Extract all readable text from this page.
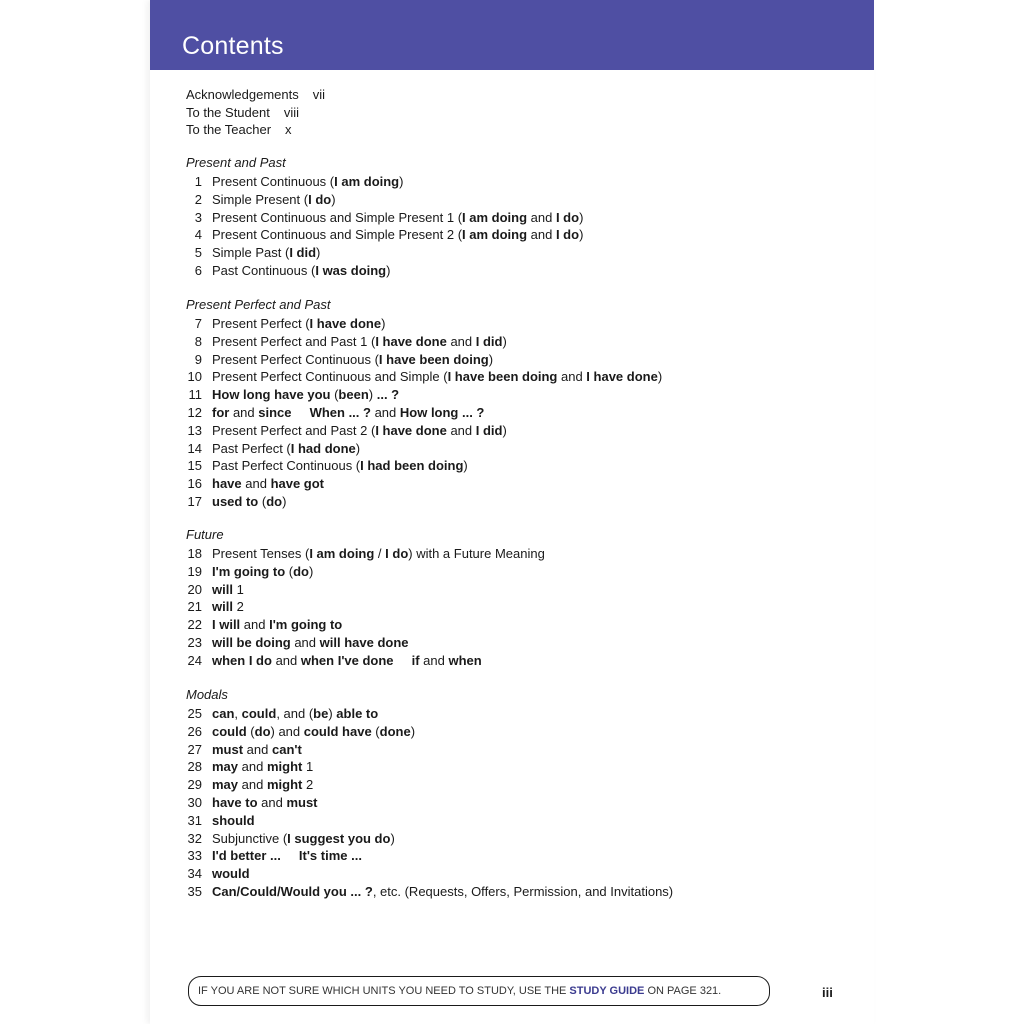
Contents
Acknowledgements vii
To the Student viii
To the Teacher x
Present and Past
1 Present Continuous (I am doing)
2 Simple Present (I do)
3 Present Continuous and Simple Present 1 (I am doing and I do)
4 Present Continuous and Simple Present 2 (I am doing and I do)
5 Simple Past (I did)
6 Past Continuous (I was doing)
Present Perfect and Past
7 Present Perfect (I have done)
8 Present Perfect and Past 1 (I have done and I did)
9 Present Perfect Continuous (I have been doing)
10 Present Perfect Continuous and Simple (I have been doing and I have done)
11 How long have you (been) ... ?
12 for and since When ... ? and How long ... ?
13 Present Perfect and Past 2 (I have done and I did)
14 Past Perfect (I had done)
15 Past Perfect Continuous (I had been doing)
16 have and have got
17 used to (do)
Future
18 Present Tenses (I am doing / I do) with a Future Meaning
19 I'm going to (do)
20 will 1
21 will 2
22 I will and I'm going to
23 will be doing and will have done
24 when I do and when I've done if and when
Modals
25 can, could, and (be) able to
26 could (do) and could have (done)
27 must and can't
28 may and might 1
29 may and might 2
30 have to and must
31 should
32 Subjunctive (I suggest you do)
33 I'd better ... It's time ...
34 would
35 Can/Could/Would you ... ?, etc. (Requests, Offers, Permission, and Invitations)
IF YOU ARE NOT SURE WHICH UNITS YOU NEED TO STUDY, USE THE STUDY GUIDE ON PAGE 321.	iii
